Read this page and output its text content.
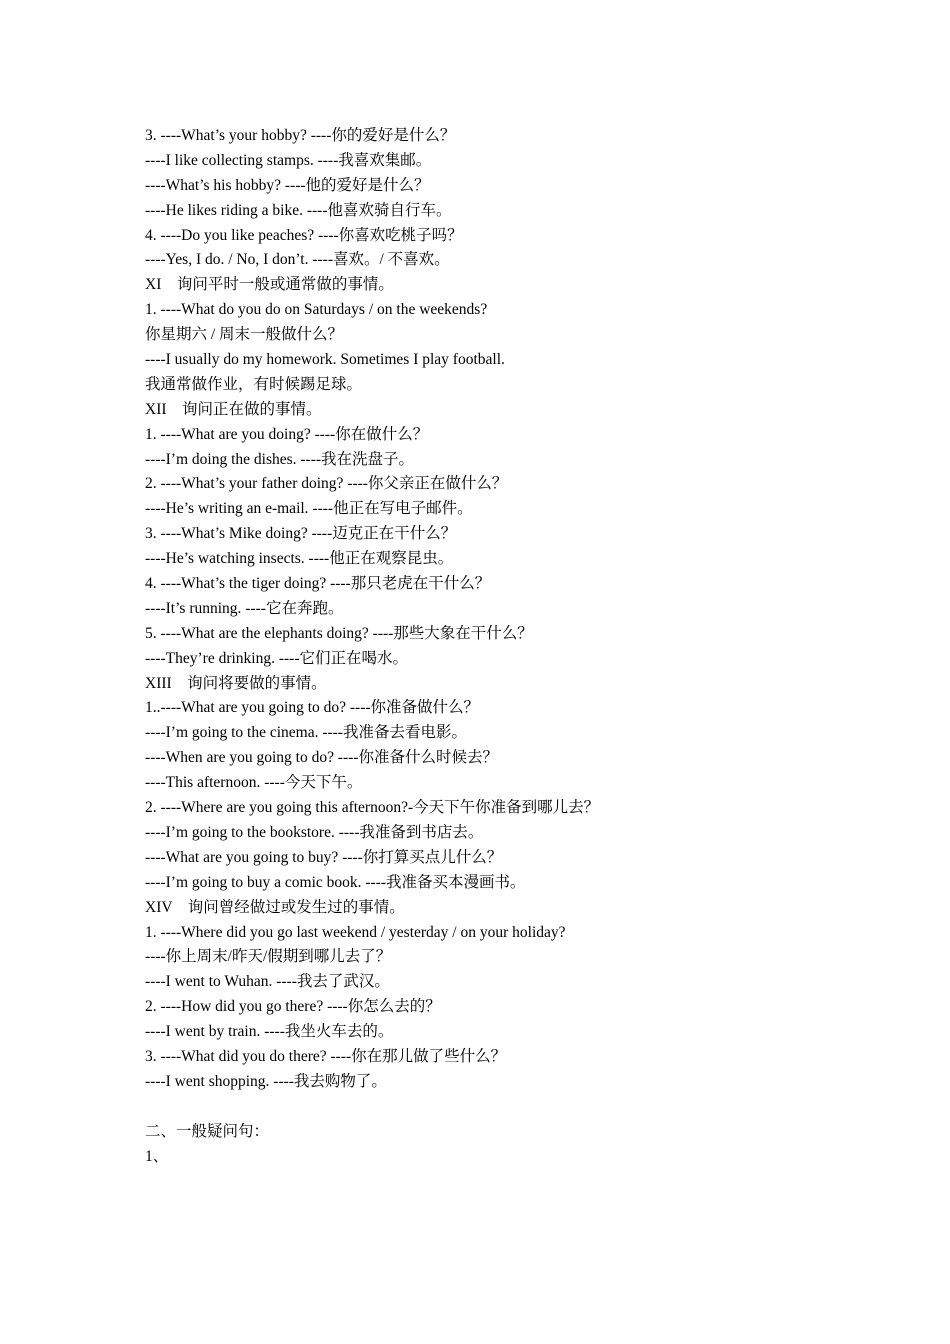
3. ----What’s your hobby? ----你的爱好是什么？
----I like collecting stamps. ----我喜欢集邮。
----What’s his hobby? ----他的爱好是什么？
----He likes riding a bike. ----他喜欢骑自行车。
4. ----Do you like peaches? ----你喜欢吃桃子吗？
----Yes, I do. / No, I don’t. ----喜欢。/ 不喜欢。
XI　询问平时一般或通常做的事情。
1. ----What do you do on Saturdays / on the weekends?
你星期六 / 周末一般做什么？
----I usually do my homework. Sometimes I play football.
我通常做作业，有时候踢足球。
XII　询问正在做的事情。
1. ----What are you doing? ----你在做什么？
----I’m doing the dishes. ----我在洗盘子。
2. ----What’s your father doing? ----你父亲正在做什么？
----He’s writing an e-mail. ----他正在写电子邮件。
3. ----What’s Mike doing? ----迈克正在干什么？
----He’s watching insects. ----他正在观察昆虫。
4. ----What’s the tiger doing? ----那只老虎在干什么？
----It’s running. ----它在奔跑。
5. ----What are the elephants doing? ----那些大象在干什么？
----They’re drinking. ----它们正在喝水。
XIII　询问将要做的事情。
1..----What are you going to do? ----你准备做什么？
----I’m going to the cinema. ----我准备去看电影。
----When are you going to do? ----你准备什么时候去？
----This afternoon. ----今天下午。
2. ----Where are you going this afternoon?-今天下午你准备到哪儿去？
----I’m going to the bookstore. ----我准备到书店去。
----What are you going to buy? ----你打算买点儿什么？
----I’m going to buy a comic book. ----我准备买本漫画书。
XIV　询问曾经做过或发生过的事情。
1. ----Where did you go last weekend / yesterday / on your holiday?
----你上周末/昨天/假期到哪儿去了？
----I went to Wuhan. ----我去了武汉。
2. ----How did you go there? ----你怎么去的？
----I went by train. ----我坐火车去的。
3. ----What did you do there? ----你在那儿做了些什么？
----I went shopping. ----我去购物了。
二、一般疑问句：
1、
